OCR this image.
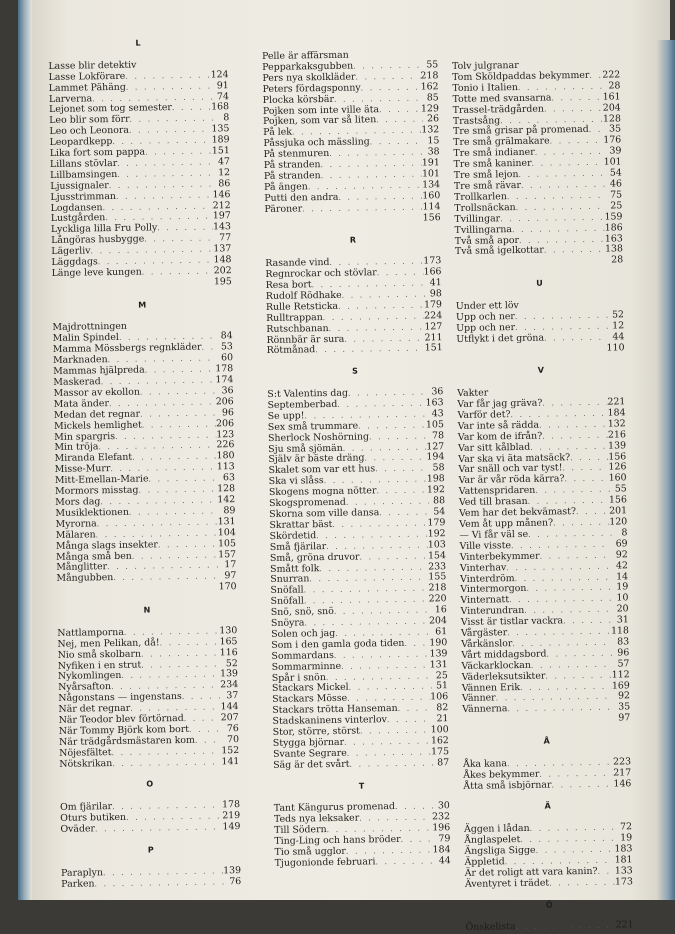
L
Lasse blir detektiv
Lasse Lokförare . . .	124
Lammet Pähäng . . .	91
Larverna . . .	74
Lejonet som tog semester . . .	168
Leo blir som förr . . .	8
Leo och Leonora . . .	135
Leopardkepp . . .	189
Lika fort som pappa . . .	151
Lillans stövlar . . .	47
Lillbamsingen . . .	12
Ljussignaler . . .	86
Ljusstrimman . . .	146
Logdansen . . .	212
Lustgården . . .	197
Lyckliga lilla Fru Polly . . .	143
Långöras husbygge . . .	77
Lägerliv . . .	137
Läggdags . . .	148
Länge leve kungen . . .	202
195
M
Majdrottningen
Malin Spindel . . .	84
Mamma Mössbergs regnkläder . . .	53
Marknaden . . .	60
Mammas hjälpreda . . .	178
Maskerad . . .	174
Massor av ekollon . . .	36
Mata änder . . .	206
Medan det regnar . . .	96
Mickels hemlighet . . .	206
Min spargris . . .	123
Min tröja . . .	226
Miranda Elefant . . .	180
Misse-Murr . . .	113
Mitt-Emellan-Marie . . .	63
Mormors misstag . . .	128
Mors dag . . .	142
Musiklektionen . . .	89
Myrorna . . .	131
Mälaren . . .	104
Många slags insekter . . .	105
Många små ben . . .	157
Månglitter . . .	17
Mångubben . . .	97
170
N
Nattlamporna . . .	130
Nej, men Pelikan, då! . . .	165
Nio små skolbarn . . .	116
Nyfiken i en strut . . .	52
Nykomlingen . . .	139
Nyårsafton . . .	234
Någonstans — ingenstans . . .	37
När det regnar . . .	144
När Teodor blev förtörnad . . .	207
När Tommy Björk kom bort . . .	76
När trädgårdsmästaren kom . . .	70
Nöjesfältet . . .	152
Nötskrikan . . .	141
O
Om fjärilar . . .	178
Oturs butiken . . .	219
Oväder . . .	149
P
Paraplyn . . .	139
Parken . . .	76
Pelle är affärsman
Pepparkaksgubben . . .	55
Pers nya skolkläder . . .	218
Peters fördagsponny . . .	162
Plocka körsbär . . .	85
Pojken som inte ville äta . . .	129
Pojken, som var så liten . . .	26
På lek . . .	132
Påssjuka och mässling . . .	15
På stenmuren . . .	38
På stranden . . .	191
På stranden . . .	101
På ängen . . .	134
Putti den andra . . .	160
Päroner . . .	114
156
R
Rasande vind . . .	173
Regnrockar och stövlar . . .	166
Resa bort . . .	41
Rudolf Rödhake . . .	98
Rulle Retsticka . . .	179
Rulltrappan . . .	224
Rutschbanan . . .	127
Rönnbär är sura . . .	211
Rötmånad . . .	151
S
S:t Valentins dag . . .	36
Septemberbad . . .	163
Se upp! . . .	43
Sex små trummare . . .	105
Sherlock Noshörning . . .	78
Sju små sjömän . . .	127
Själv är bäste dräng . . .	194
Skalet som var ett hus . . .	58
Ska vi slåss . . .	198
Skogens mogna nötter . . .	192
Skogspromenad . . .	88
Skorna som ville dansa . . .	54
Skrattar bäst . . .	179
Skördetid . . .	192
Små fjärilar . . .	103
Små, gröna druvor . . .	154
Smått folk . . .	233
Snurran . . .	155
Snöfall . . .	218
Snöfall . . .	220
Snö, snö, snö . . .	16
Snöyra . . .	204
Solen och jag . . .	61
Som i den gamla goda tiden . . .	190
Sommardans . . .	139
Sommarminne . . .	131
Spår i snön . . .	25
Stackars Mickel . . .	51
Stackars Mösse . . .	106
Stackars trötta Hanseman . . .	82
Stadskaninens vinterlov . . .	21
Stor, större, störst . . .	100
Stygga björnar . . .	162
Svante Segrare . . .	175
Säg är det svårt . . .	87
T
Tant Kängurus promenad . . .	30
Teds nya leksaker . . .	232
Till Södern . . .	196
Ting-Ling och hans bröder . . .	79
Tio små ugglor . . .	184
Tjugonionde februari . . .	44
Tolv julgranar
Tom Sköldpaddas bekymmer . . . 222
Tonio i Italien . . .	28
Totte med svansarna . . .	161
Trassel-trädgården . . .	204
Trastsång . . .	128
Tre små grisar på promenad . . .	35
Tre små grälmakare . . .	176
Tre små indianer . . .	39
Tre små kaniner . . .	101
Tre små lejon . . .	54
Tre små rävar . . .	46
Trollkarlen . . .	75
Trollsnäckan . . .	25
Tvillingar . . .	159
Tvillingarna . . .	186
Två små apor . . .	163
Två små igelkottar . . .	138
28
U
Under ett löv
Upp och ner . . .	52
Upp och ner . . .	12
Utflykt i det gröna . . .	44
110
V
Vakter
Var får jag gräva? . . .	221
Varför det? . . .	184
Var inte så rädda . . .	132
Var kom de ifrån? . . .	216
Var sitt kålblad . . .	139
Var ska vi äta matsäck? . . .	156
Var snäll och var tyst! . . .	126
Var är vår röda kärra? . . .	160
Vattenspridaren . . .	55
Ved till brasan . . .	156
Vem har det bekvämast? . . .	201
Vem åt upp månen? . . .	120
— Vi får väl se . . .	8
Ville visste . . .	69
Vinterbekymmer . . .	92
Vinterhav . . .	42
Vinterdröm . . .	14
Vintermorgon . . .	19
Vinternatt . . .	10
Vinterundran . . .	20
Visst är tistlar vackra . . .	31
Vårgäster . . .	118
Vårkänslor . . .	83
Vårt middagsbord . . .	96
Väckarklockan . . .	57
Väderleksutsikter . . .	112
Vännen Erik . . .	169
Vänner . . .	92
Vännerna . . .	35
97
Å
Åka kana . . .	223
Åkes bekymmer . . .	217
Åtta små isbjörnar . . .	146
Ä
Äggen i lådan . . .	72
Ånglaspelet . . .	19
Ängsliga Sigge . . .	183
Äppletid . . .	181
Är det roligt att vara kanin? . . . 133
Äventyret i trädet . . .	173
Ö
Önskelista . . .	221
